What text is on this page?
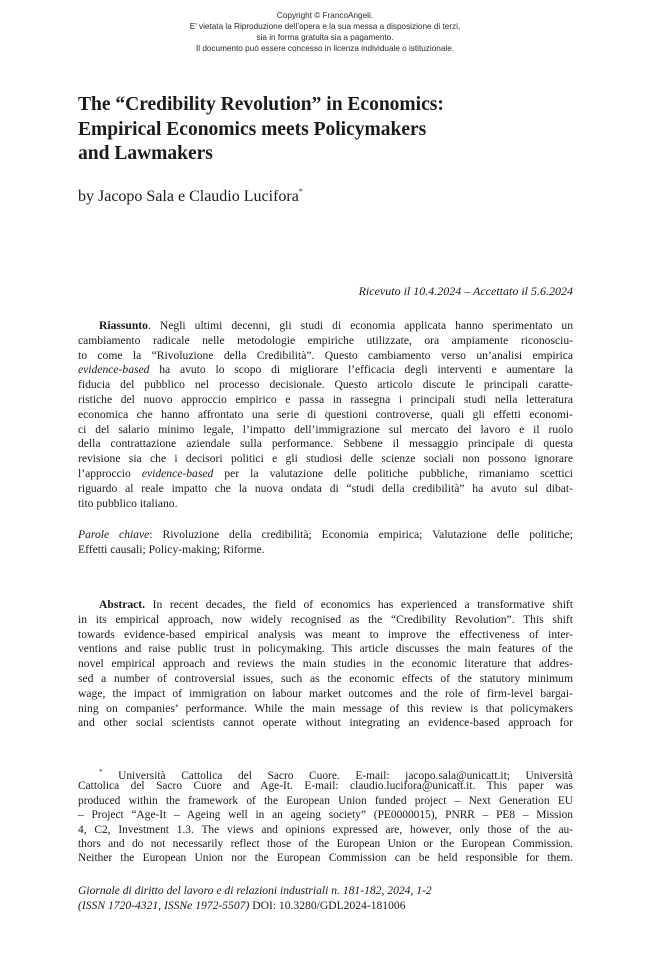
Copyright © FrancoAngeli.
E’ vietata la Riproduzione dell’opera e la sua messa a disposizione di terzi,
sia in forma gratuita sia a pagamento.
Il documento può essere concesso in licenza individuale o istituzionale.
The “Credibility Revolution” in Economics:
Empirical Economics meets Policymakers
and Lawmakers
by Jacopo Sala e Claudio Lucifora*
Ricevuto il 10.4.2024 – Accettato il 5.6.2024
Riassunto. Negli ultimi decenni, gli studi di economia applicata hanno sperimentato un
cambiamento radicale nelle metodologie empiriche utilizzate, ora ampiamente riconosciu-
to come la “Rivoluzione della Credibilità”. Questo cambiamento verso un’analisi empirica
evidence-based ha avuto lo scopo di migliorare l’efficacia degli interventi e aumentare la
fiducia del pubblico nel processo decisionale. Questo articolo discute le principali caratte-
ristiche del nuovo approccio empirico e passa in rassegna i principali studi nella letteratura
economica che hanno affrontato una serie di questioni controverse, quali gli effetti economi-
ci del salario minimo legale, l’impatto dell’immigrazione sul mercato del lavoro e il ruolo
della contrattazione aziendale sulla performance. Sebbene il messaggio principale di questa
revisione sia che i decisori politici e gli studiosi delle scienze sociali non possono ignorare
l’approccio evidence-based per la valutazione delle politiche pubbliche, rimaniamo scettici
riguardo al reale impatto che la nuova ondata di “studi della credibilità” ha avuto sul dibat-
tito pubblico italiano.
Parole chiave: Rivoluzione della credibilità; Economia empirica; Valutazione delle politiche;
Effetti causali; Policy-making; Riforme.
Abstract. In recent decades, the field of economics has experienced a transformative shift
in its empirical approach, now widely recognised as the “Credibility Revolution”. This shift
towards evidence-based empirical analysis was meant to improve the effectiveness of inter-
ventions and raise public trust in policymaking. This article discusses the main features of the
novel empirical approach and reviews the main studies in the economic literature that addres-
sed a number of controversial issues, such as the economic effects of the statutory minimum
wage, the impact of immigration on labour market outcomes and the role of firm-level bargai-
ning on companies’ performance. While the main message of this review is that policymakers
and other social scientists cannot operate without integrating an evidence-based approach for
* Università Cattolica del Sacro Cuore. E-mail: jacopo.sala@unicatt.it; Università
Cattolica del Sacro Cuore and Age-It. E-mail: claudio.lucifora@unicatt.it. This paper was
produced within the framework of the European Union funded project – Next Generation EU
– Project “Age-It – Ageing well in an ageing society” (PE0000015), PNRR – PE8 – Mission
4, C2, Investment 1.3. The views and opinions expressed are, however, only those of the au-
thors and do not necessarily reflect those of the European Union or the European Commission.
Neither the European Union nor the European Commission can be held responsible for them.
Giornale di diritto del lavoro e di relazioni industriali n. 181-182, 2024, 1-2
(ISSN 1720-4321, ISSNe 1972-5507) DOI: 10.3280/GDL2024-181006
